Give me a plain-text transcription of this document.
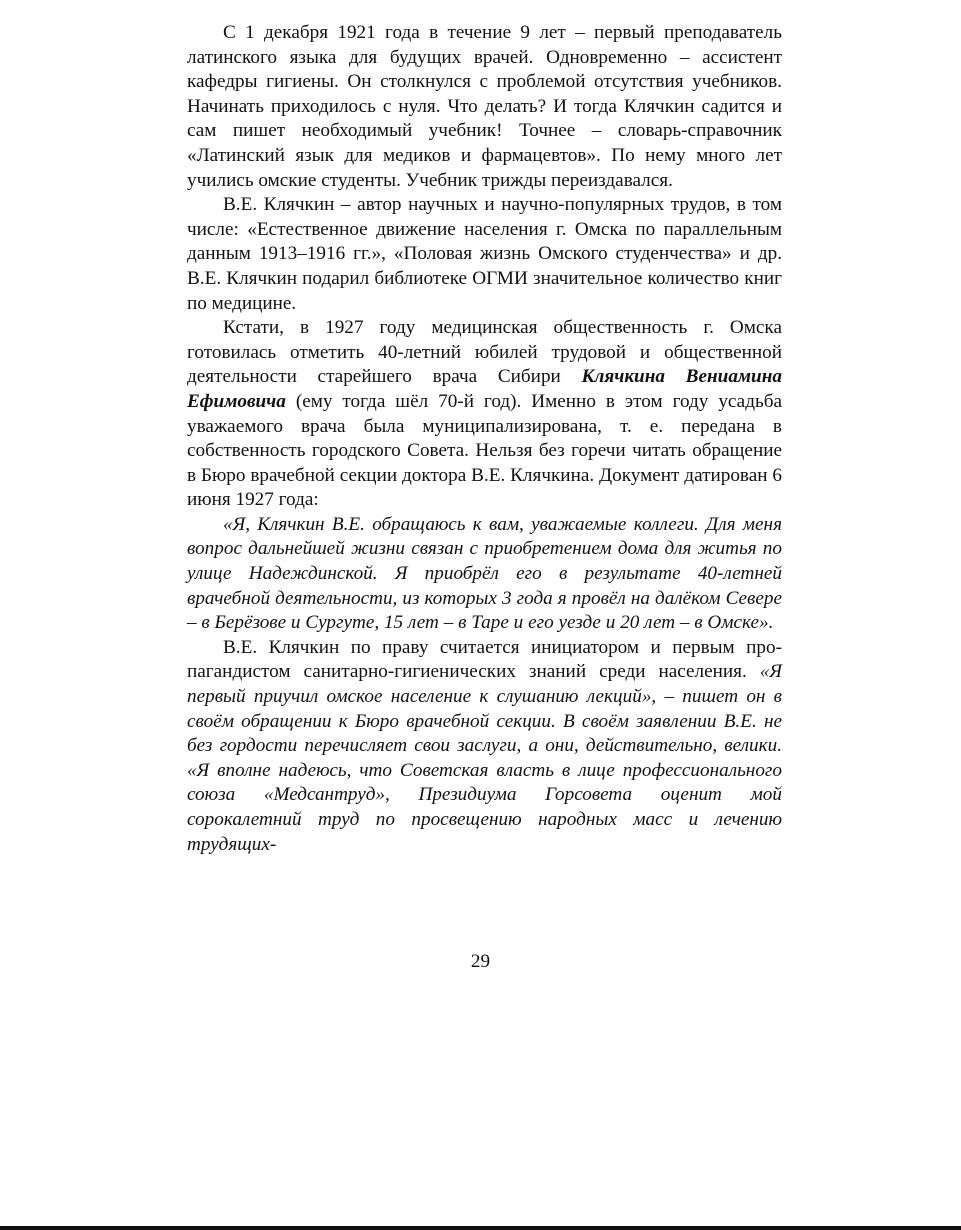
С 1 декабря 1921 года в течение 9 лет – первый преподаватель латинского языка для будущих врачей. Одновременно – ассистент кафедры гигиены. Он столкнулся с проблемой отсутствия учебников. Начинать приходилось с нуля. Что делать? И тогда Клячкин садится и сам пишет необходимый учебник! Точнее – словарь-справочник «Латинский язык для медиков и фармацевтов». По нему много лет учились омские студенты. Учебник трижды переиздавался.

В.Е. Клячкин – автор научных и научно-популярных трудов, в том числе: «Естественное движение населения г. Омска по параллельным данным 1913–1916 гг.», «Половая жизнь Омского студенчества» и др. В.Е. Клячкин подарил библиотеке ОГМИ значительное количество книг по медицине.

Кстати, в 1927 году медицинская общественность г. Омска готовилась отметить 40-летний юбилей трудовой и общественной деятельности старейшего врача Сибири Клячкина Вениамина Ефимовича (ему тогда шёл 70-й год). Именно в этом году усадьба уважаемого врача была муниципализирована, т. е. передана в собственность городского Совета. Нельзя без горечи читать обращение в Бюро врачебной секции доктора В.Е. Клячкина. Документ датирован 6 июня 1927 года:

«Я, Клячкин В.Е. обращаюсь к вам, уважаемые коллеги. Для меня вопрос дальнейшей жизни связан с приобретением дома для житья по улице Надеждинской. Я приобрёл его в результате 40-летней врачебной деятельности, из которых 3 года я провёл на далёком Севере – в Берёзове и Сургуте, 15 лет – в Таре и его уезде и 20 лет – в Омске».

В.Е. Клячкин по праву считается инициатором и первым пропагандистом санитарно-гигиенических знаний среди населения. «Я первый приучил омское население к слушанию лекций», – пишет он в своём обращении к Бюро врачебной секции. В своём заявлении В.Е. не без гордости перечисляет свои заслуги, а они, действительно, велики. «Я вполне надеюсь, что Советская власть в лице профессионального союза «Медсантруд», Президиума Горсовета оценит мой сорокалетний труд по просвещению народных масс и лечению трудящих-

29
